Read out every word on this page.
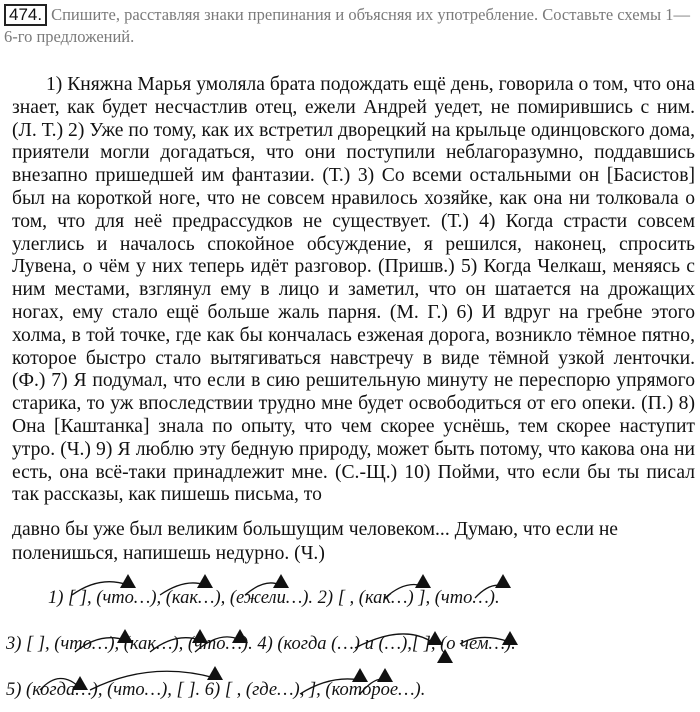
474. Спишите, расставляя знаки препинания и объясняя их употребление. Составьте схемы 1—6-го предложений.
1) Княжна Марья умоляла брата подождать ещё день, говорила о том, что она знает, как будет несчастлив отец, ежели Андрей уедет, не помирившись с ним. (Л. Т.) 2) Уже по тому, как их встретил дворецкий на крыльце одинцовского дома, приятели могли догадаться, что они поступили неблагоразумно, поддавшись внезапно пришедшей им фантазии. (Т.) 3) Со всеми остальными он [Басистов] был на короткой ноге, что не совсем нравилось хозяйке, как она ни толковала о том, что для неё предрассудков не существует. (Т.) 4) Когда страсти совсем улеглись и началось спокойное обсуждение, я решился, наконец, спросить Лувена, о чём у них теперь идёт разговор. (Пришв.) 5) Когда Челкаш, меняясь с ним местами, взглянул ему в лицо и заметил, что он шатается на дрожащих ногах, ему стало ещё больше жаль парня. (М. Г.) 6) И вдруг на гребне этого холма, в той точке, где как бы кончалась езженая дорога, возникло тёмное пятно, которое быстро стало вытягиваться навстречу в виде тёмной узкой ленточки. (Ф.) 7) Я подумал, что если в сию решительную минуту не переспорю упрямого старика, то уж впоследствии трудно мне будет освободиться от его опеки. (П.) 8) Она [Каштанка] знала по опыту, что чем скорее уснёшь, тем скорее наступит утро. (Ч.) 9) Я люблю эту бедную природу, может быть потому, что какова она ни есть, она всё-таки принадлежит мне. (С.-Щ.) 10) Пойми, что если бы ты писал так рассказы, как пишешь письма, то
давно бы уже был великим большущим человеком... Думаю, что если не поленишься, напишешь недурно. (Ч.)
1) [ ], (что…), (как…), (ежели…). 2) [ , (как…) ], (что…).
3) [ ], (что…), (как…), (что…). 4) (когда (…) и (…),[ ], (о чем…).
5) (когда…), (что…), [ ]. 6) [ , (где…), ], (которое…).
